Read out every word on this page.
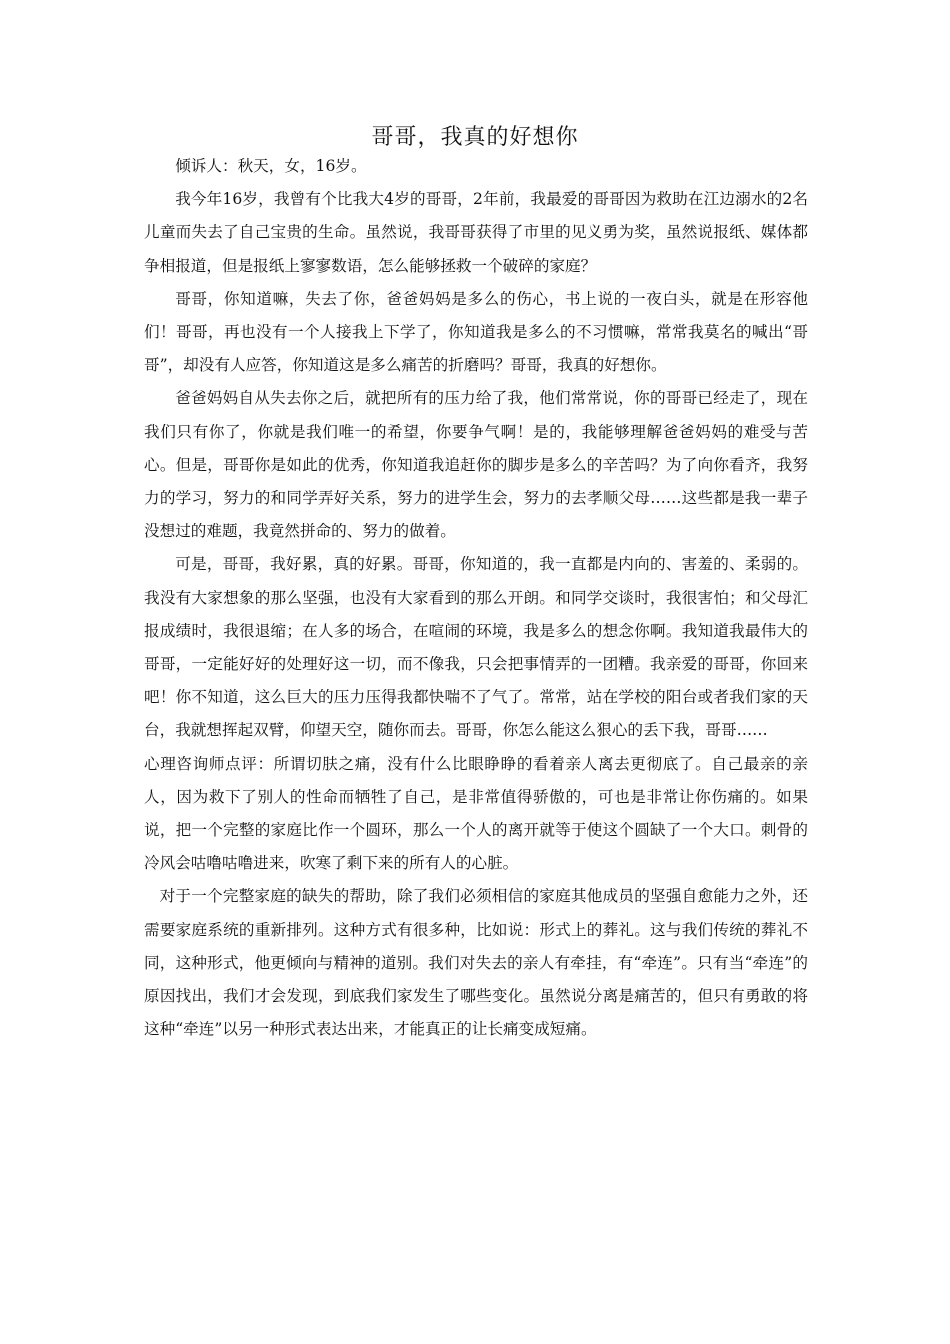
哥哥，我真的好想你

倾诉人：秋天，女，16岁。

我今年16岁，我曾有个比我大4岁的哥哥，2年前，我最爱的哥哥因为救助在江边溺水的2名儿童而失去了自己宝贵的生命。虽然说，我哥哥获得了市里的见义勇为奖，虽然说报纸、媒体都争相报道，但是报纸上寥寥数语，怎么能够拯救一个破碎的家庭？

哥哥，你知道嘛，失去了你，爸爸妈妈是多么的伤心，书上说的一夜白头，就是在形容他们！哥哥，再也没有一个人接我上下学了，你知道我是多么的不习惯嘛，常常我莫名的喊出“哥哥”，却没有人应答，你知道这是多么痛苦的折磨吗？哥哥，我真的好想你。

爸爸妈妈自从失去你之后，就把所有的压力给了我，他们常常说，你的哥哥已经走了，现在我们只有你了，你就是我们唯一的希望，你要争气啊！是的，我能够理解爸爸妈妈的难受与苦心。但是，哥哥你是如此的优秀，你知道我追赶你的脚步是多么的辛苦吗？为了向你看齐，我努力的学习，努力的和同学弄好关系，努力的进学生会，努力的去孝顺父母……这些都是我一辈子没想过的难题，我竟然拼命的、努力的做着。

可是，哥哥，我好累，真的好累。哥哥，你知道的，我一直都是内向的、害羞的、柔弱的。我没有大家想象的那么坚强，也没有大家看到的那么开朗。和同学交谈时，我很害怕；和父母汇报成绩时，我很退缩；在人多的场合，在喧闹的环境，我是多么的想念你啊。我知道我最伟大的哥哥，一定能好好的处理好这一切，而不像我，只会把事情弄的一团糟。我亲爱的哥哥，你回来吧！你不知道，这么巨大的压力压得我都快喘不了气了。常常，站在学校的阳台或者我们家的天台，我就想挥起双臂，仰望天空，随你而去。哥哥，你怎么能这么狠心的丢下我，哥哥……

心理咨询师点评：所谓切肤之痛，没有什么比眼睁睁的看着亲人离去更彻底了。自己最亲的亲人，因为救下了别人的性命而牺牲了自己，是非常值得骄傲的，可也是非常让你伤痛的。如果说，把一个完整的家庭比作一个圆环，那么一个人的离开就等于使这个圆缺了一个大口。刺骨的冷风会咕噜咕噜进来，吹寒了剩下来的所有人的心脏。

对于一个完整家庭的缺失的帮助，除了我们必须相信的家庭其他成员的坚强自愈能力之外，还需要家庭系统的重新排列。这种方式有很多种，比如说：形式上的葬礼。这与我们传统的葬礼不同，这种形式，他更倾向与精神的道别。我们对失去的亲人有牵挂，有“牵连”。只有当“牵连”的原因找出，我们才会发现，到底我们家发生了哪些变化。虽然说分离是痛苦的，但只有勇敢的将这种“牵连”以另一种形式表达出来，才能真正的让长痛变成短痛。
